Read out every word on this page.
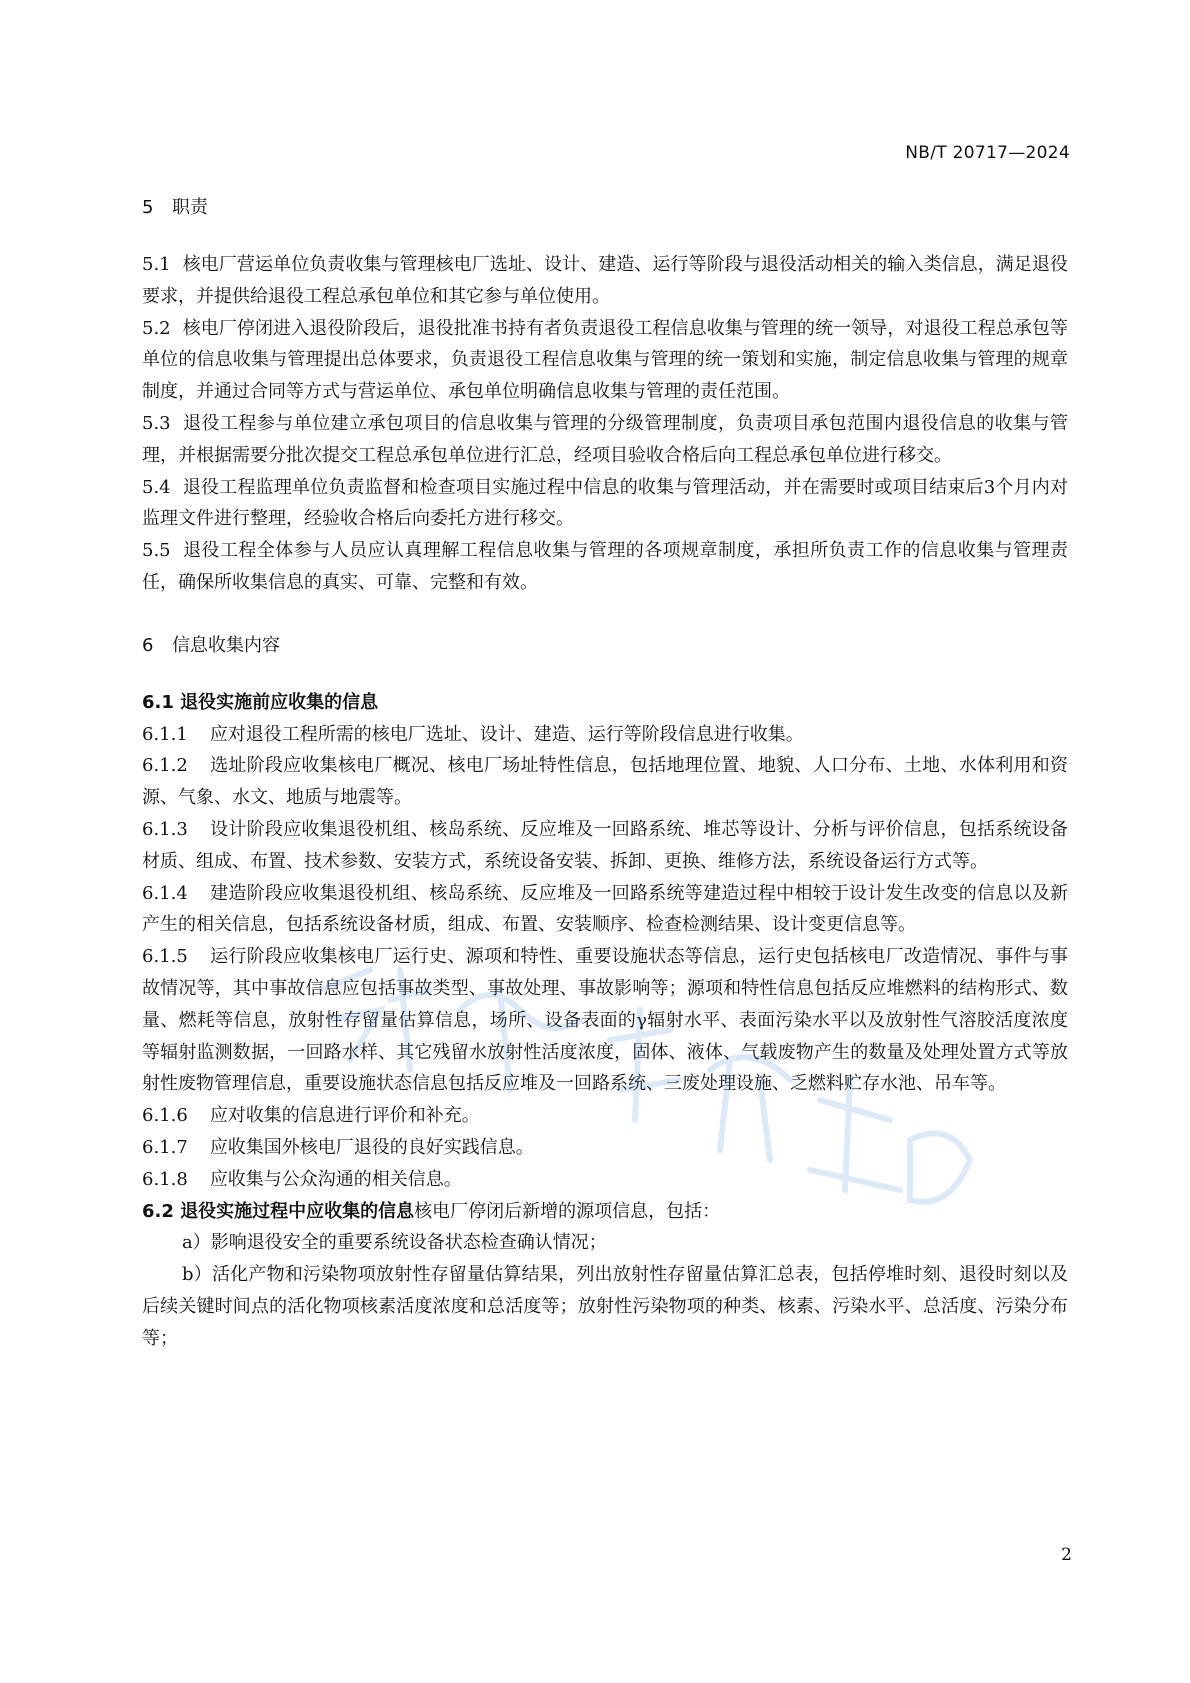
NB/T 20717—2024
5 职责

5.1 核电厂营运单位负责收集与管理核电厂选址、设计、建造、运行等阶段与退役活动相关的输入类信息，满足退役要求，并提供给退役工程总承包单位和其它参与单位使用。

5.2 核电厂停闭进入退役阶段后，退役批准书持有者负责退役工程信息收集与管理的统一领导，对退役工程总承包等单位的信息收集与管理提出总体要求，负责退役工程信息收集与管理的统一策划和实施，制定信息收集与管理的规章制度，并通过合同等方式与营运单位、承包单位明确信息收集与管理的责任范围。

5.3 退役工程参与单位建立承包项目的信息收集与管理的分级管理制度，负责项目承包范围内退役信息的收集与管理，并根据需要分批次提交工程总承包单位进行汇总，经项目验收合格后向工程总承包单位进行移交。

5.4 退役工程监理单位负责监督和检查项目实施过程中信息的收集与管理活动，并在需要时或项目结束后3个月内对监理文件进行整理，经验收合格后向委托方进行移交。

5.5 退役工程全体参与人员应认真理解工程信息收集与管理的各项规章制度，承担所负责工作的信息收集与管理责任，确保所收集信息的真实、可靠、完整和有效。

6 信息收集内容
6.1 退役实施前应收集的信息

6.1.1 应对退役工程所需的核电厂选址、设计、建造、运行等阶段信息进行收集。

6.1.2 选址阶段应收集核电厂概况、核电厂场址特性信息，包括地理位置、地貌、人口分布、土地、水体利用和资源、气象、水文、地质与地震等。

6.1.3 设计阶段应收集退役机组、核岛系统、反应堆及一回路系统、堆芯等设计、分析与评价信息，包括系统设备材质、组成、布置、技术参数、安装方式，系统设备安装、拆卸、更换、维修方法，系统设备运行方式等。

6.1.4 建造阶段应收集退役机组、核岛系统、反应堆及一回路系统等建造过程中相较于设计发生改变的信息以及新产生的相关信息，包括系统设备材质，组成、布置、安装顺序、检查检测结果、设计变更信息等。

6.1.5 运行阶段应收集核电厂运行史、源项和特性、重要设施状态等信息，运行史包括核电厂改造情况、事件与事故情况等，其中事故信息应包括事故类型、事故处理、事故影响等；源项和特性信息包括反应堆燃料的结构形式、数量、燃耗等信息，放射性存留量估算信息，场所、设备表面的γ辐射水平、表面污染水平以及放射性气溶胶活度浓度等辐射监测数据，一回路水样、其它残留水放射性活度浓度，固体、液体、气载废物产生的数量及处理处置方式等放射性废物管理信息，重要设施状态信息包括反应堆及一回路系统、三废处理设施、乏燃料贮存水池、吊车等。

6.1.6 应对收集的信息进行评价和补充。

6.1.7 应收集国外核电厂退役的良好实践信息。

6.1.8 应收集与公众沟通的相关信息。

6.2 退役实施过程中应收集的信息核电厂停闭后新增的源项信息，包括：

a）影响退役安全的重要系统设备状态检查确认情况；

b）活化产物和污染物项放射性存留量估算结果，列出放射性存留量估算汇总表，包括停堆时刻、退役时刻以及后续关键时间点的活化物项核素活度浓度和总活度等；放射性污染物项的种类、核素、污染水平、总活度、污染分布等；

2
